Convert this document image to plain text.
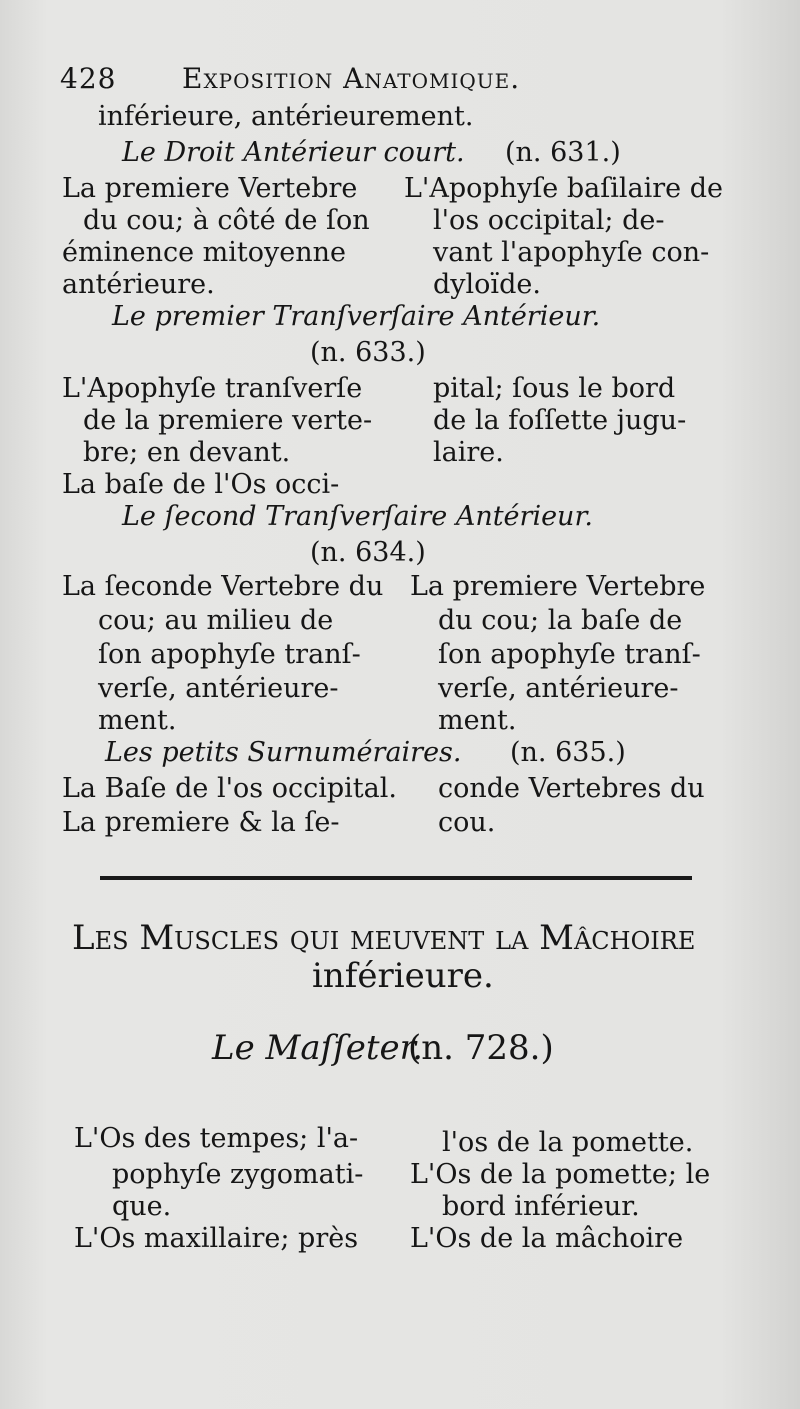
428 Exposition Anatomique.
inférieure, antérieurement.
Le Droit Antérieur court. (n. 631.)
La premiere Vertebre
du cou; à côté de ſon
éminence mitoyenne
antérieure.
L'Apophyſe baſilaire de
l'os occipital; de-
vant l'apophyſe con-
dyloïde.
Le premier Tranſverſaire Antérieur.
(n. 633.)
L'Apophyſe tranſverſe
de la premiere verte-
bre; en devant.
La baſe de l'Os occi-
pital; ſous le bord
de la foſſette jugu-
laire.
Le ſecond Tranſverſaire Antérieur.
(n. 634.)
La ſeconde Vertebre du
cou; au milieu de
ſon apophyſe tranſ-
verſe, antérieure-
ment.
La premiere Vertebre
du cou; la baſe de
ſon apophyſe tranſ-
verſe, antérieure-
ment.
Les petits Surnuméraires. (n. 635.)
La Baſe de l'os occipital.
La premiere & la ſe-
conde Vertebres du
cou.
Les Muſcles qui meuvent la Mâchoire
inférieure.
Le Maſſeter.
(n. 728.)
L'Os des tempes; l'a-
pophyſe zygomati-
que.
L'Os maxillaire; près
l'os de la pomette.
L'Os de la pomette; le
bord inférieur.
L'Os de la mâchoire
